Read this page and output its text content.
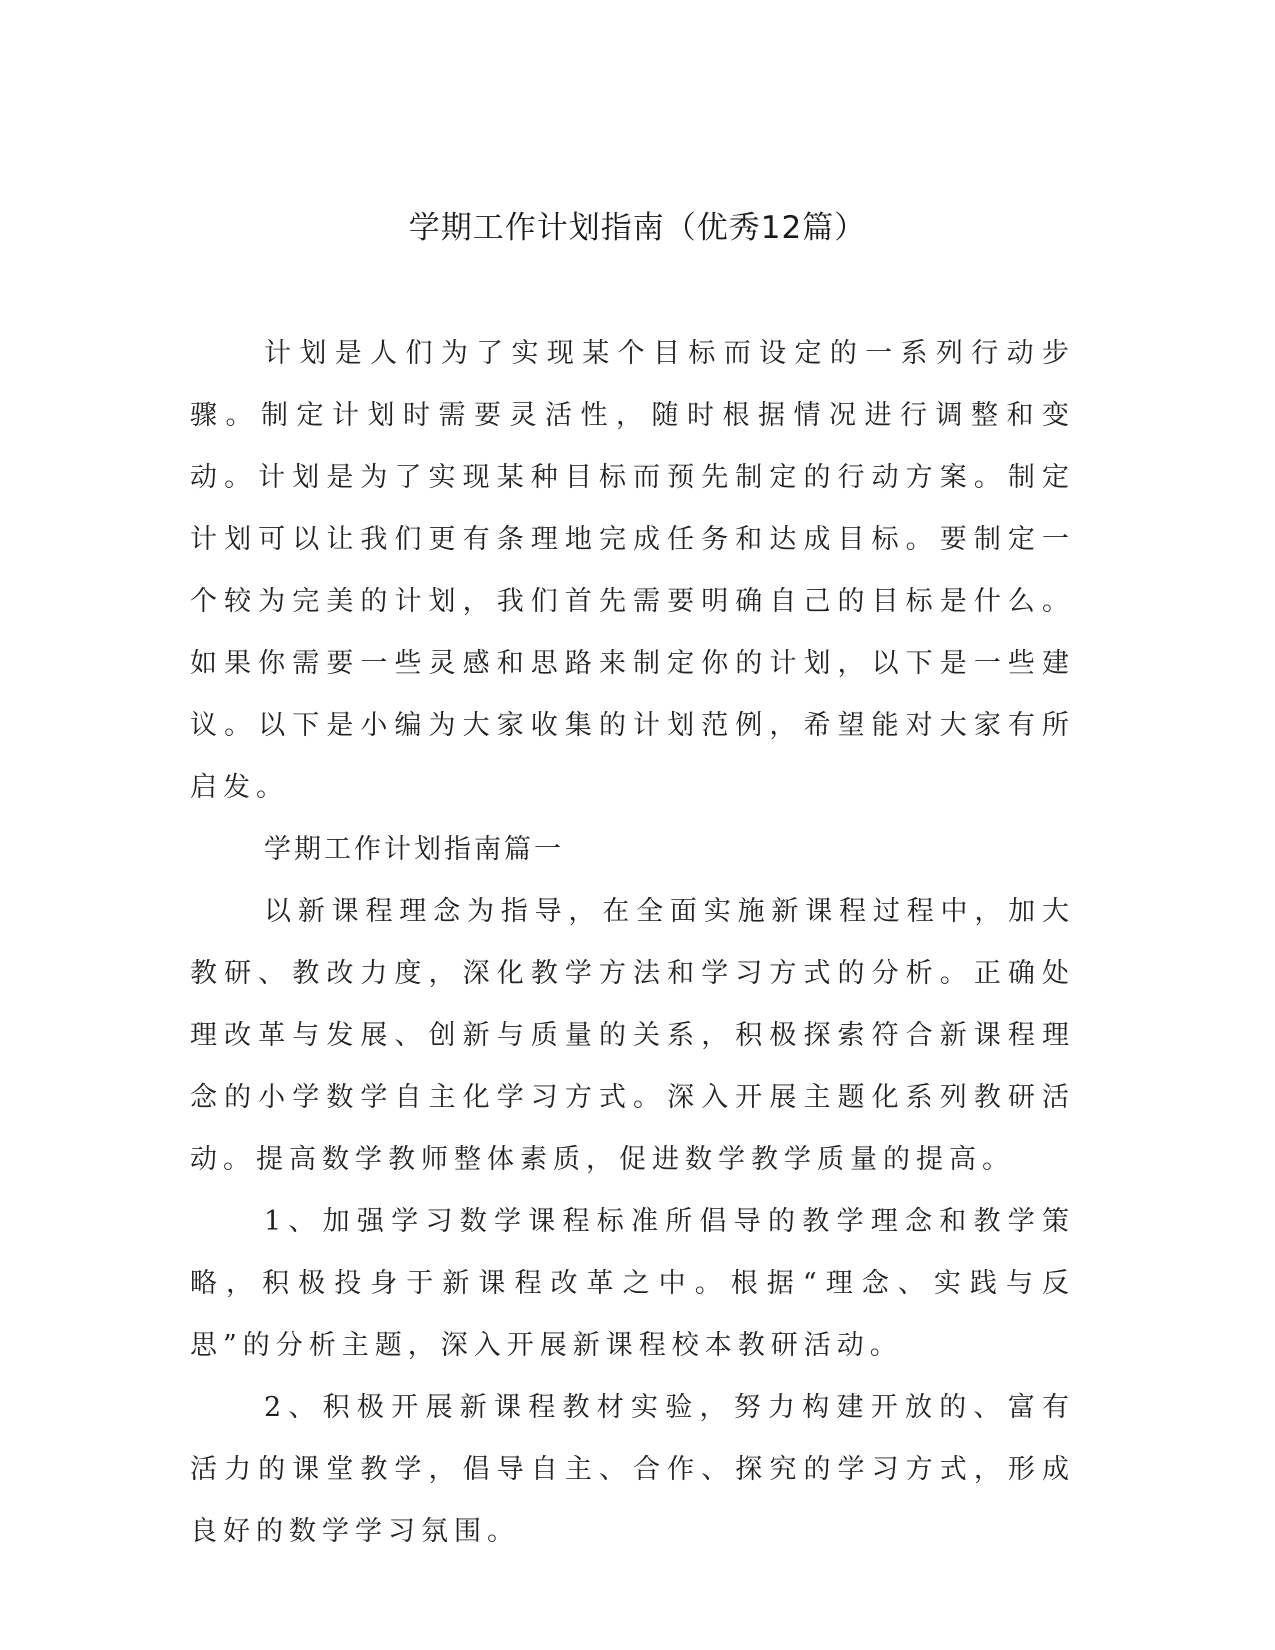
学期工作计划指南（优秀12篇）

计划是人们为了实现某个目标而设定的一系列行动步骤。制定计划时需要灵活性，随时根据情况进行调整和变动。计划是为了实现某种目标而预先制定的行动方案。制定计划可以让我们更有条理地完成任务和达成目标。要制定一个较为完美的计划，我们首先需要明确自己的目标是什么。如果你需要一些灵感和思路来制定你的计划，以下是一些建议。以下是小编为大家收集的计划范例，希望能对大家有所启发。

学期工作计划指南篇一

以新课程理念为指导，在全面实施新课程过程中，加大教研、教改力度，深化教学方法和学习方式的分析。正确处理改革与发展、创新与质量的关系，积极探索符合新课程理念的小学数学自主化学习方式。深入开展主题化系列教研活动。提高数学教师整体素质，促进数学教学质量的提高。

1、加强学习数学课程标准所倡导的教学理念和教学策略，积极投身于新课程改革之中。根据“理念、实践与反思”的分析主题，深入开展新课程校本教研活动。

2、积极开展新课程教材实验，努力构建开放的、富有活力的课堂教学，倡导自主、合作、探究的学习方式，形成良好的数学学习氛围。
